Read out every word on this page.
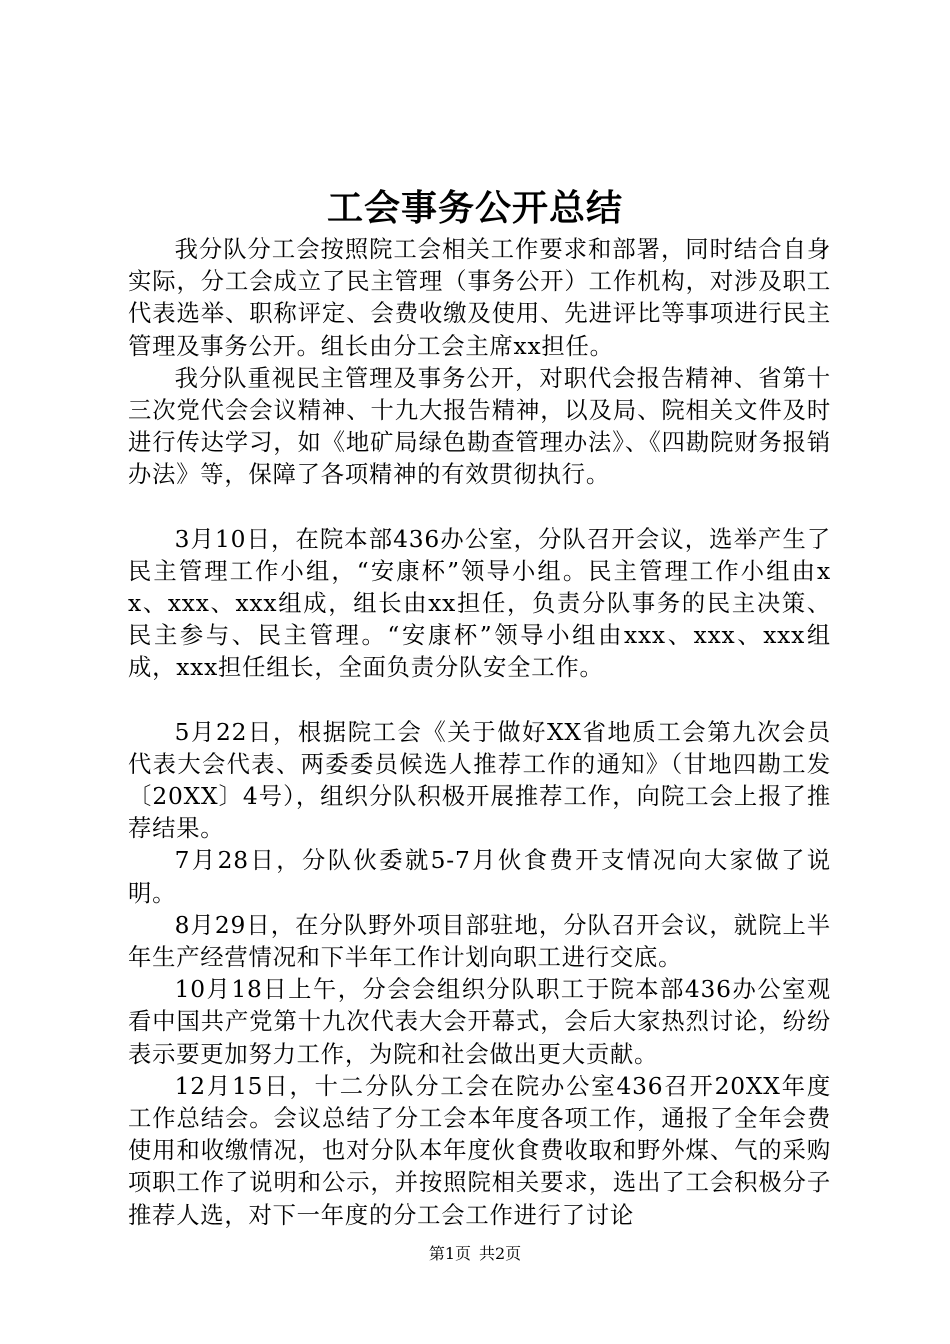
工会事务公开总结

我分队分工会按照院工会相关工作要求和部署，同时结合自身实际，分工会成立了民主管理（事务公开）工作机构，对涉及职工代表选举、职称评定、会费收缴及使用、先进评比等事项进行民主管理及事务公开。组长由分工会主席xx担任。

我分队重视民主管理及事务公开，对职代会报告精神、省第十三次党代会会议精神、十九大报告精神，以及局、院相关文件及时进行传达学习，如《地矿局绿色勘查管理办法》、《四勘院财务报销办法》等，保障了各项精神的有效贯彻执行。

3月10日，在院本部436办公室，分队召开会议，选举产生了民主管理工作小组，“安康杯”领导小组。民主管理工作小组由xx、xxx、xxx组成，组长由xx担任，负责分队事务的民主决策、民主参与、民主管理。“安康杯”领导小组由xxx、xxx、xxx组成，xxx担任组长，全面负责分队安全工作。

5月22日，根据院工会《关于做好XX省地质工会第九次会员代表大会代表、两委委员候选人推荐工作的通知》（甘地四勘工发〔20XX〕4号），组织分队积极开展推荐工作，向院工会上报了推荐结果。

7月28日，分队伙委就5-7月伙食费开支情况向大家做了说明。

8月29日，在分队野外项目部驻地，分队召开会议，就院上半年生产经营情况和下半年工作计划向职工进行交底。

10月18日上午，分会会组织分队职工于院本部436办公室观看中国共产党第十九次代表大会开幕式，会后大家热烈讨论，纷纷表示要更加努力工作，为院和社会做出更大贡献。

12月15日，十二分队分工会在院办公室436召开20XX年度工作总结会。会议总结了分工会本年度各项工作，通报了全年会费使用和收缴情况，也对分队本年度伙食费收取和野外煤、气的采购项职工作了说明和公示，并按照院相关要求，选出了工会积极分子推荐人选，对下一年度的分工会工作进行了讨论

第1页 共2页
